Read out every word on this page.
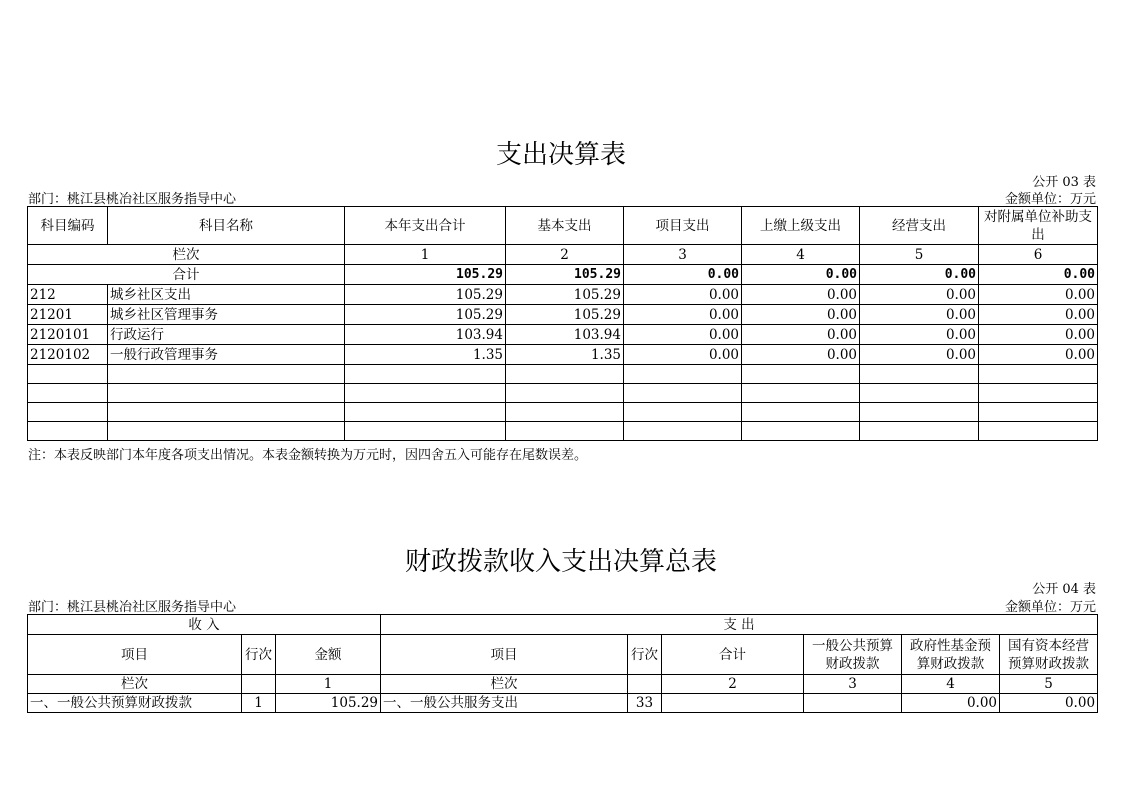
支出决算表
公开 03 表
部门：桃江县桃冶社区服务指导中心	金额单位：万元
科目编码	科目名称	本年支出合计	基本支出	项目支出	上缴上级支出	经营支出	对附属单位补助支出
栏次		1	2	3	4	5	6
合计		105.29	105.29	0.00	0.00	0.00	0.00
212	城乡社区支出	105.29	105.29	0.00	0.00	0.00	0.00
21201	城乡社区管理事务	105.29	105.29	0.00	0.00	0.00	0.00
2120101	行政运行	103.94	103.94	0.00	0.00	0.00	0.00
2120102	一般行政管理事务	1.35	1.35	0.00	0.00	0.00	0.00

注：本表反映部门本年度各项支出情况。本表金额转换为万元时，因四舍五入可能存在尾数误差。
财政拨款收入支出决算总表
公开 04 表
部门：桃江县桃冶社区服务指导中心	金额单位：万元
收 入			支 出					
项目	行次	金额	项目	行次	合计	一般公共预算财政拨款	政府性基金预算财政拨款	国有资本经营预算财政拨款
栏次		1	栏次		2	3	4	5
一、一般公共预算财政拨款	1	105.29	一、一般公共服务支出	33			0.00	0.00
